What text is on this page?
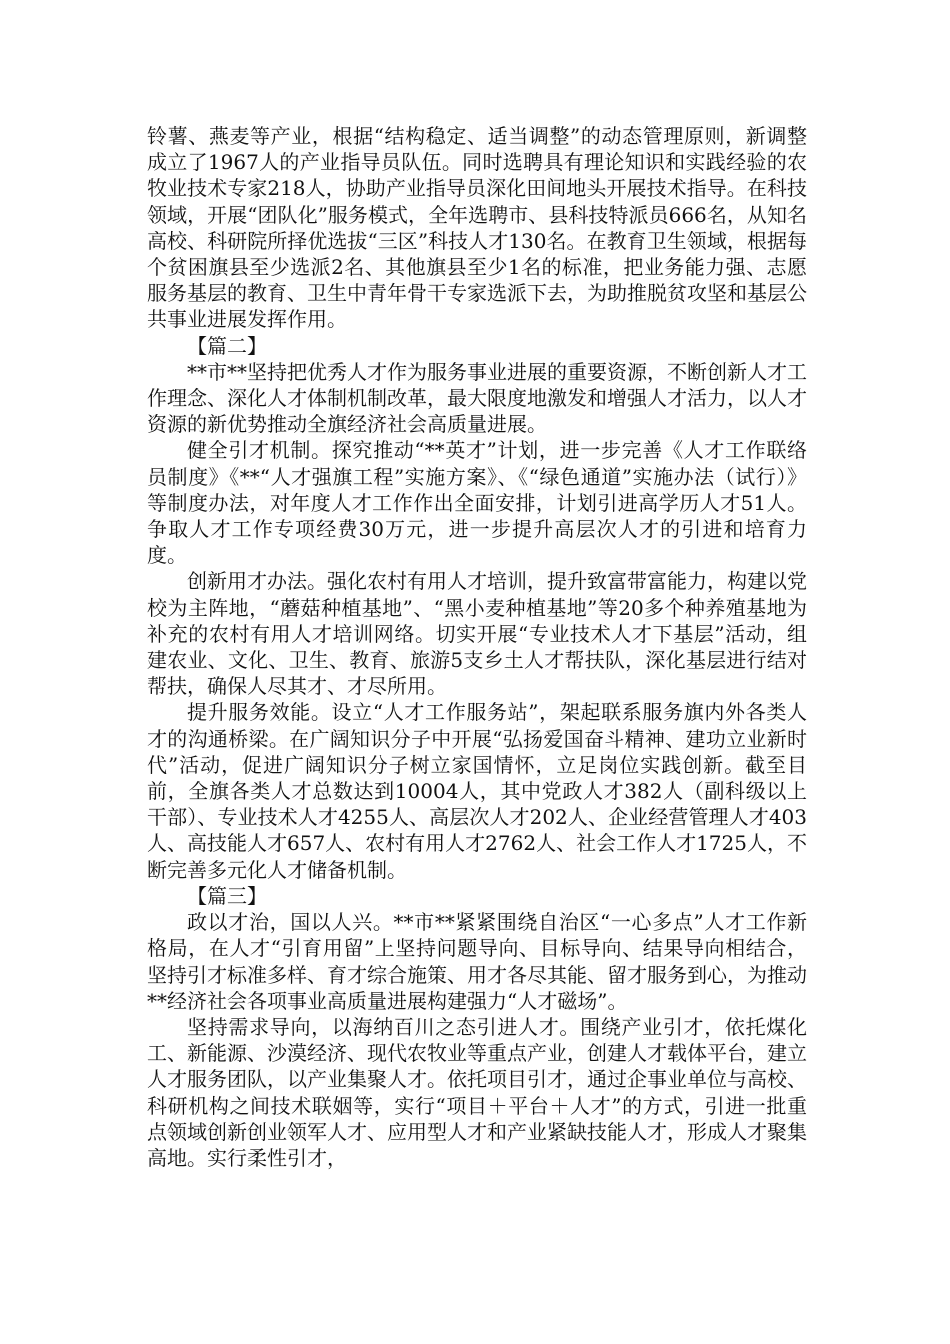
铃薯、燕麦等产业，根据“结构稳定、适当调整”的动态管理原则，新调整成立了1967人的产业指导员队伍。同时选聘具有理论知识和实践经验的农牧业技术专家218人，协助产业指导员深化田间地头开展技术指导。在科技领域，开展“团队化”服务模式，全年选聘市、县科技特派员666名，从知名高校、科研院所择优选拔“三区”科技人才130名。在教育卫生领域，根据每个贫困旗县至少选派2名、其他旗县至少1名的标准，把业务能力强、志愿服务基层的教育、卫生中青年骨干专家选派下去，为助推脱贫攻坚和基层公共事业进展发挥作用。

【篇二】

**市**坚持把优秀人才作为服务事业进展的重要资源，不断创新人才工作理念、深化人才体制机制改革，最大限度地激发和增强人才活力，以人才资源的新优势推动全旗经济社会高质量进展。

健全引才机制。探究推动“**英才”计划，进一步完善《人才工作联络员制度》《**“人才强旗工程”实施方案》、《“绿色通道”实施办法（试行）》等制度办法，对年度人才工作作出全面安排，计划引进高学历人才51人。争取人才工作专项经费30万元，进一步提升高层次人才的引进和培育力度。

创新用才办法。强化农村有用人才培训，提升致富带富能力，构建以党校为主阵地，“蘑菇种植基地”、“黑小麦种植基地”等20多个种养殖基地为补充的农村有用人才培训网络。切实开展“专业技术人才下基层”活动，组建农业、文化、卫生、教育、旅游5支乡土人才帮扶队，深化基层进行结对帮扶，确保人尽其才、才尽所用。

提升服务效能。设立“人才工作服务站”，架起联系服务旗内外各类人才的沟通桥梁。在广阔知识分子中开展“弘扬爱国奋斗精神、建功立业新时代”活动，促进广阔知识分子树立家国情怀，立足岗位实践创新。截至目前，全旗各类人才总数达到10004人，其中党政人才382人（副科级以上干部）、专业技术人才4255人、高层次人才202人、企业经营管理人才403人、高技能人才657人、农村有用人才2762人、社会工作人才1725人，不断完善多元化人才储备机制。

【篇三】

政以才治，国以人兴。**市**紧紧围绕自治区“一心多点”人才工作新格局，在人才“引育用留”上坚持问题导向、目标导向、结果导向相结合，坚持引才标准多样、育才综合施策、用才各尽其能、留才服务到心，为推动**经济社会各项事业高质量进展构建强力“人才磁场”。

坚持需求导向，以海纳百川之态引进人才。围绕产业引才，依托煤化工、新能源、沙漠经济、现代农牧业等重点产业，创建人才载体平台，建立人才服务团队，以产业集聚人才。依托项目引才，通过企事业单位与高校、科研机构之间技术联姻等，实行“项目＋平台＋人才”的方式，引进一批重点领域创新创业领军人才、应用型人才和产业紧缺技能人才，形成人才聚集高地。实行柔性引才，
